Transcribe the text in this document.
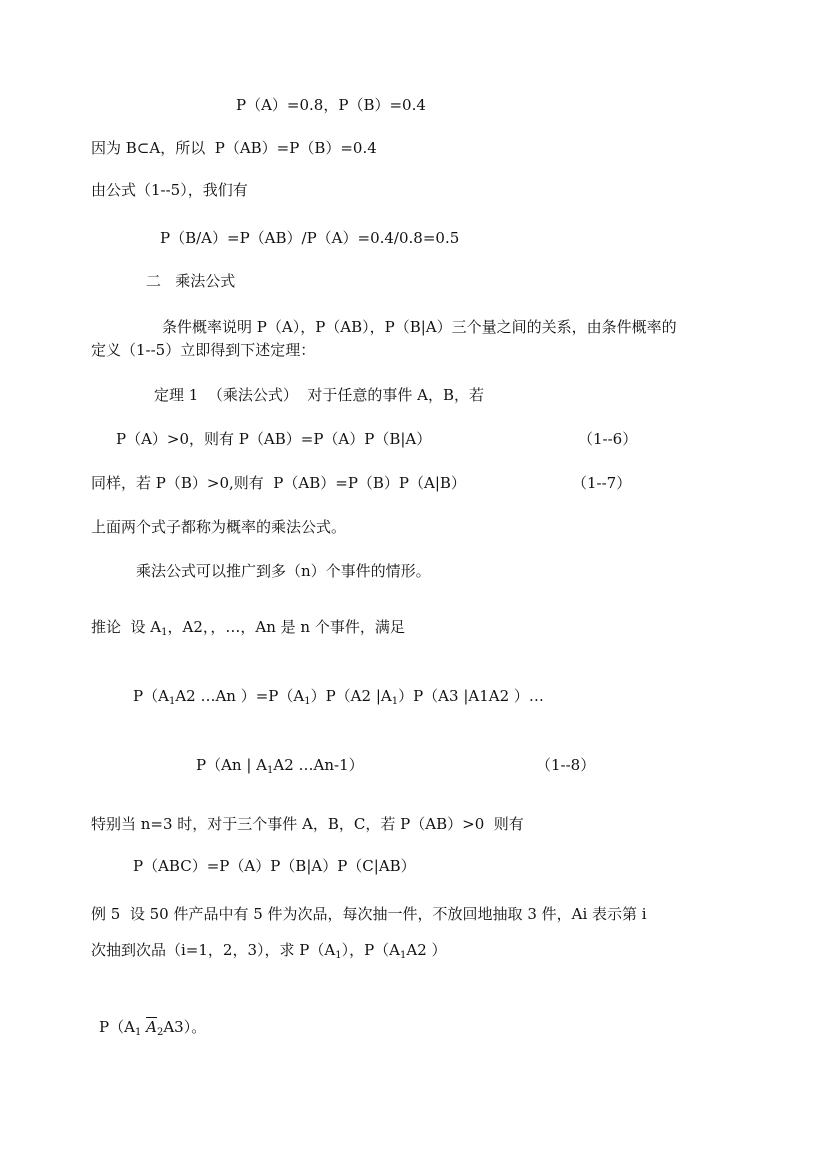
P（A）=0.8，P（B）=0.4
因为 B⊂A，所以  P（AB）=P（B）=0.4
由公式（1--5），我们有
P（B/A）=P（AB）/P（A）=0.4/0.8=0.5
二   乘法公式
条件概率说明 P（A），P（AB），P（B|A）三个量之间的关系，由条件概率的
定义（1--5）立即得到下述定理：
定理 1  （乘法公式）  对于任意的事件 A，B，若
P（A）>0，则有 P（AB）=P（A）P（B|A）	（1--6）
同样，若 P（B）>0,则有  P（AB）=P（B）P（A|B）	（1--7）
上面两个式子都称为概率的乘法公式。
乘法公式可以推广到多（n）个事件的情形。
推论  设 $A_1$，A2，，…，An 是 n 个事件，满足
$P(A_1A2$ …An ）$=P(A_1)P(A2$ $|A_1)P(A3$ |A1A2 ）…
P（An | $A_1A2$ …An-1）	（1--8）
特别当 n=3 时，对于三个事件 A，B，C，若 P（AB）>0  则有
P（ABC）=P（A）P（B|A）P（C|AB）
例 5  设 50 件产品中有 5 件为次品，每次抽一件，不放回地抽取 3 件，Ai 表示第 i
次抽到次品（i=1，2，3），求 $P(A_1)$，$P(A_1A2$ ）
$P(A_1$ $\overline{A}_2A3$）。
